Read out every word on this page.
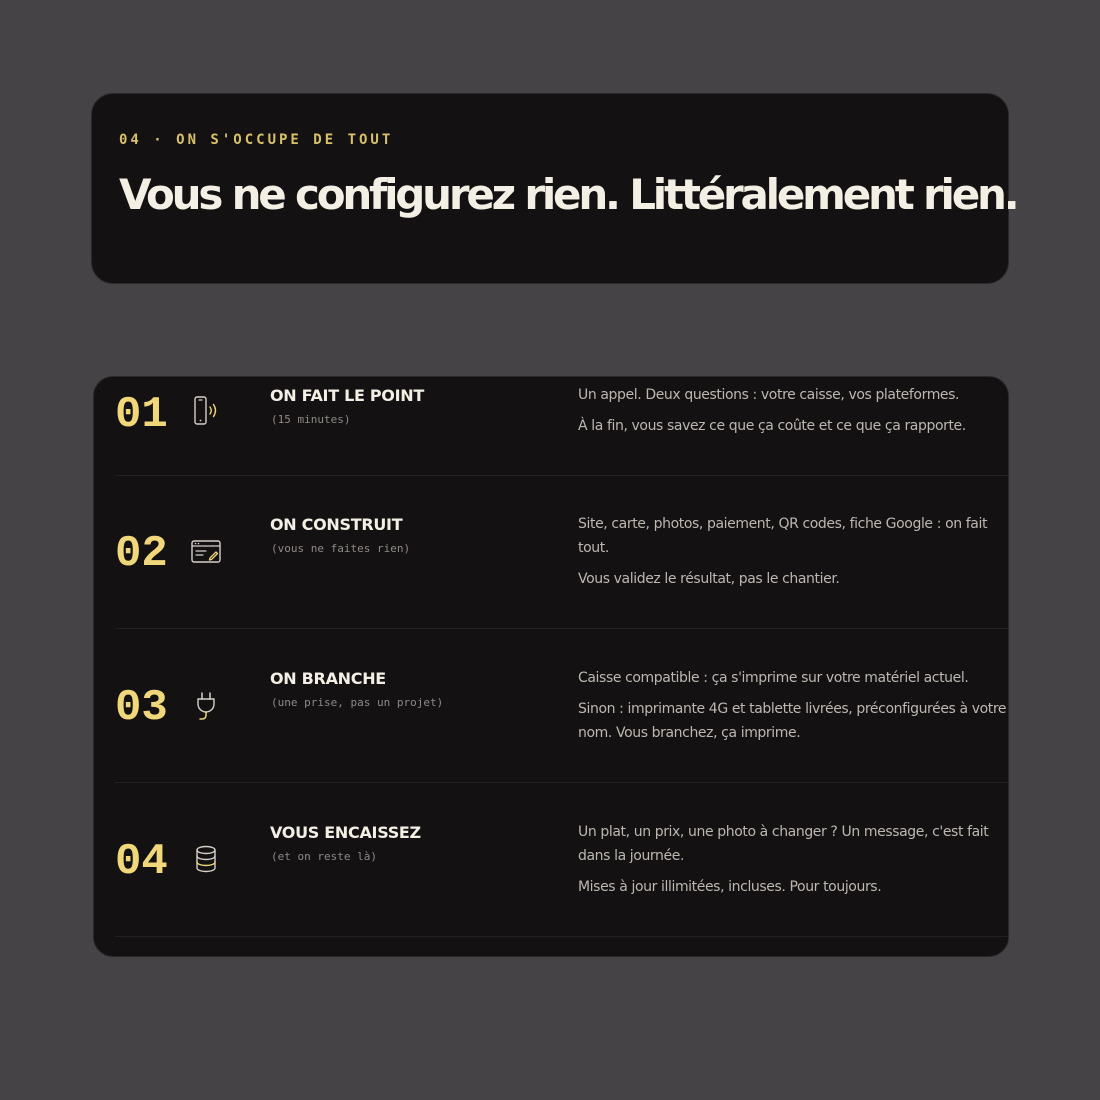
04 · ON S'OCCUPE DE TOUT
Vous ne configurez rien. Littéralement rien.
01	ON FAIT LE POINT
(15 minutes)

Un appel. Deux questions : votre caisse, vos plateformes.

À la fin, vous savez ce que ça coûte et ce que ça rapporte.

02
ON CONSTRUIT
(vous ne faites rien)

Site, carte, photos, paiement, QR codes, fiche Google : on fait tout.

Vous validez le résultat, pas le chantier.

03
ON BRANCHE
(une prise, pas un projet)

Caisse compatible : ça s'imprime sur votre matériel actuel.

Sinon : imprimante 4G et tablette livrées, préconfigurées à votre nom. Vous branchez, ça imprime.

04
VOUS ENCAISSEZ
(et on reste là)

Un plat, un prix, une photo à changer ? Un message, c'est fait dans la journée.

Mises à jour illimitées, incluses. Pour toujours.
